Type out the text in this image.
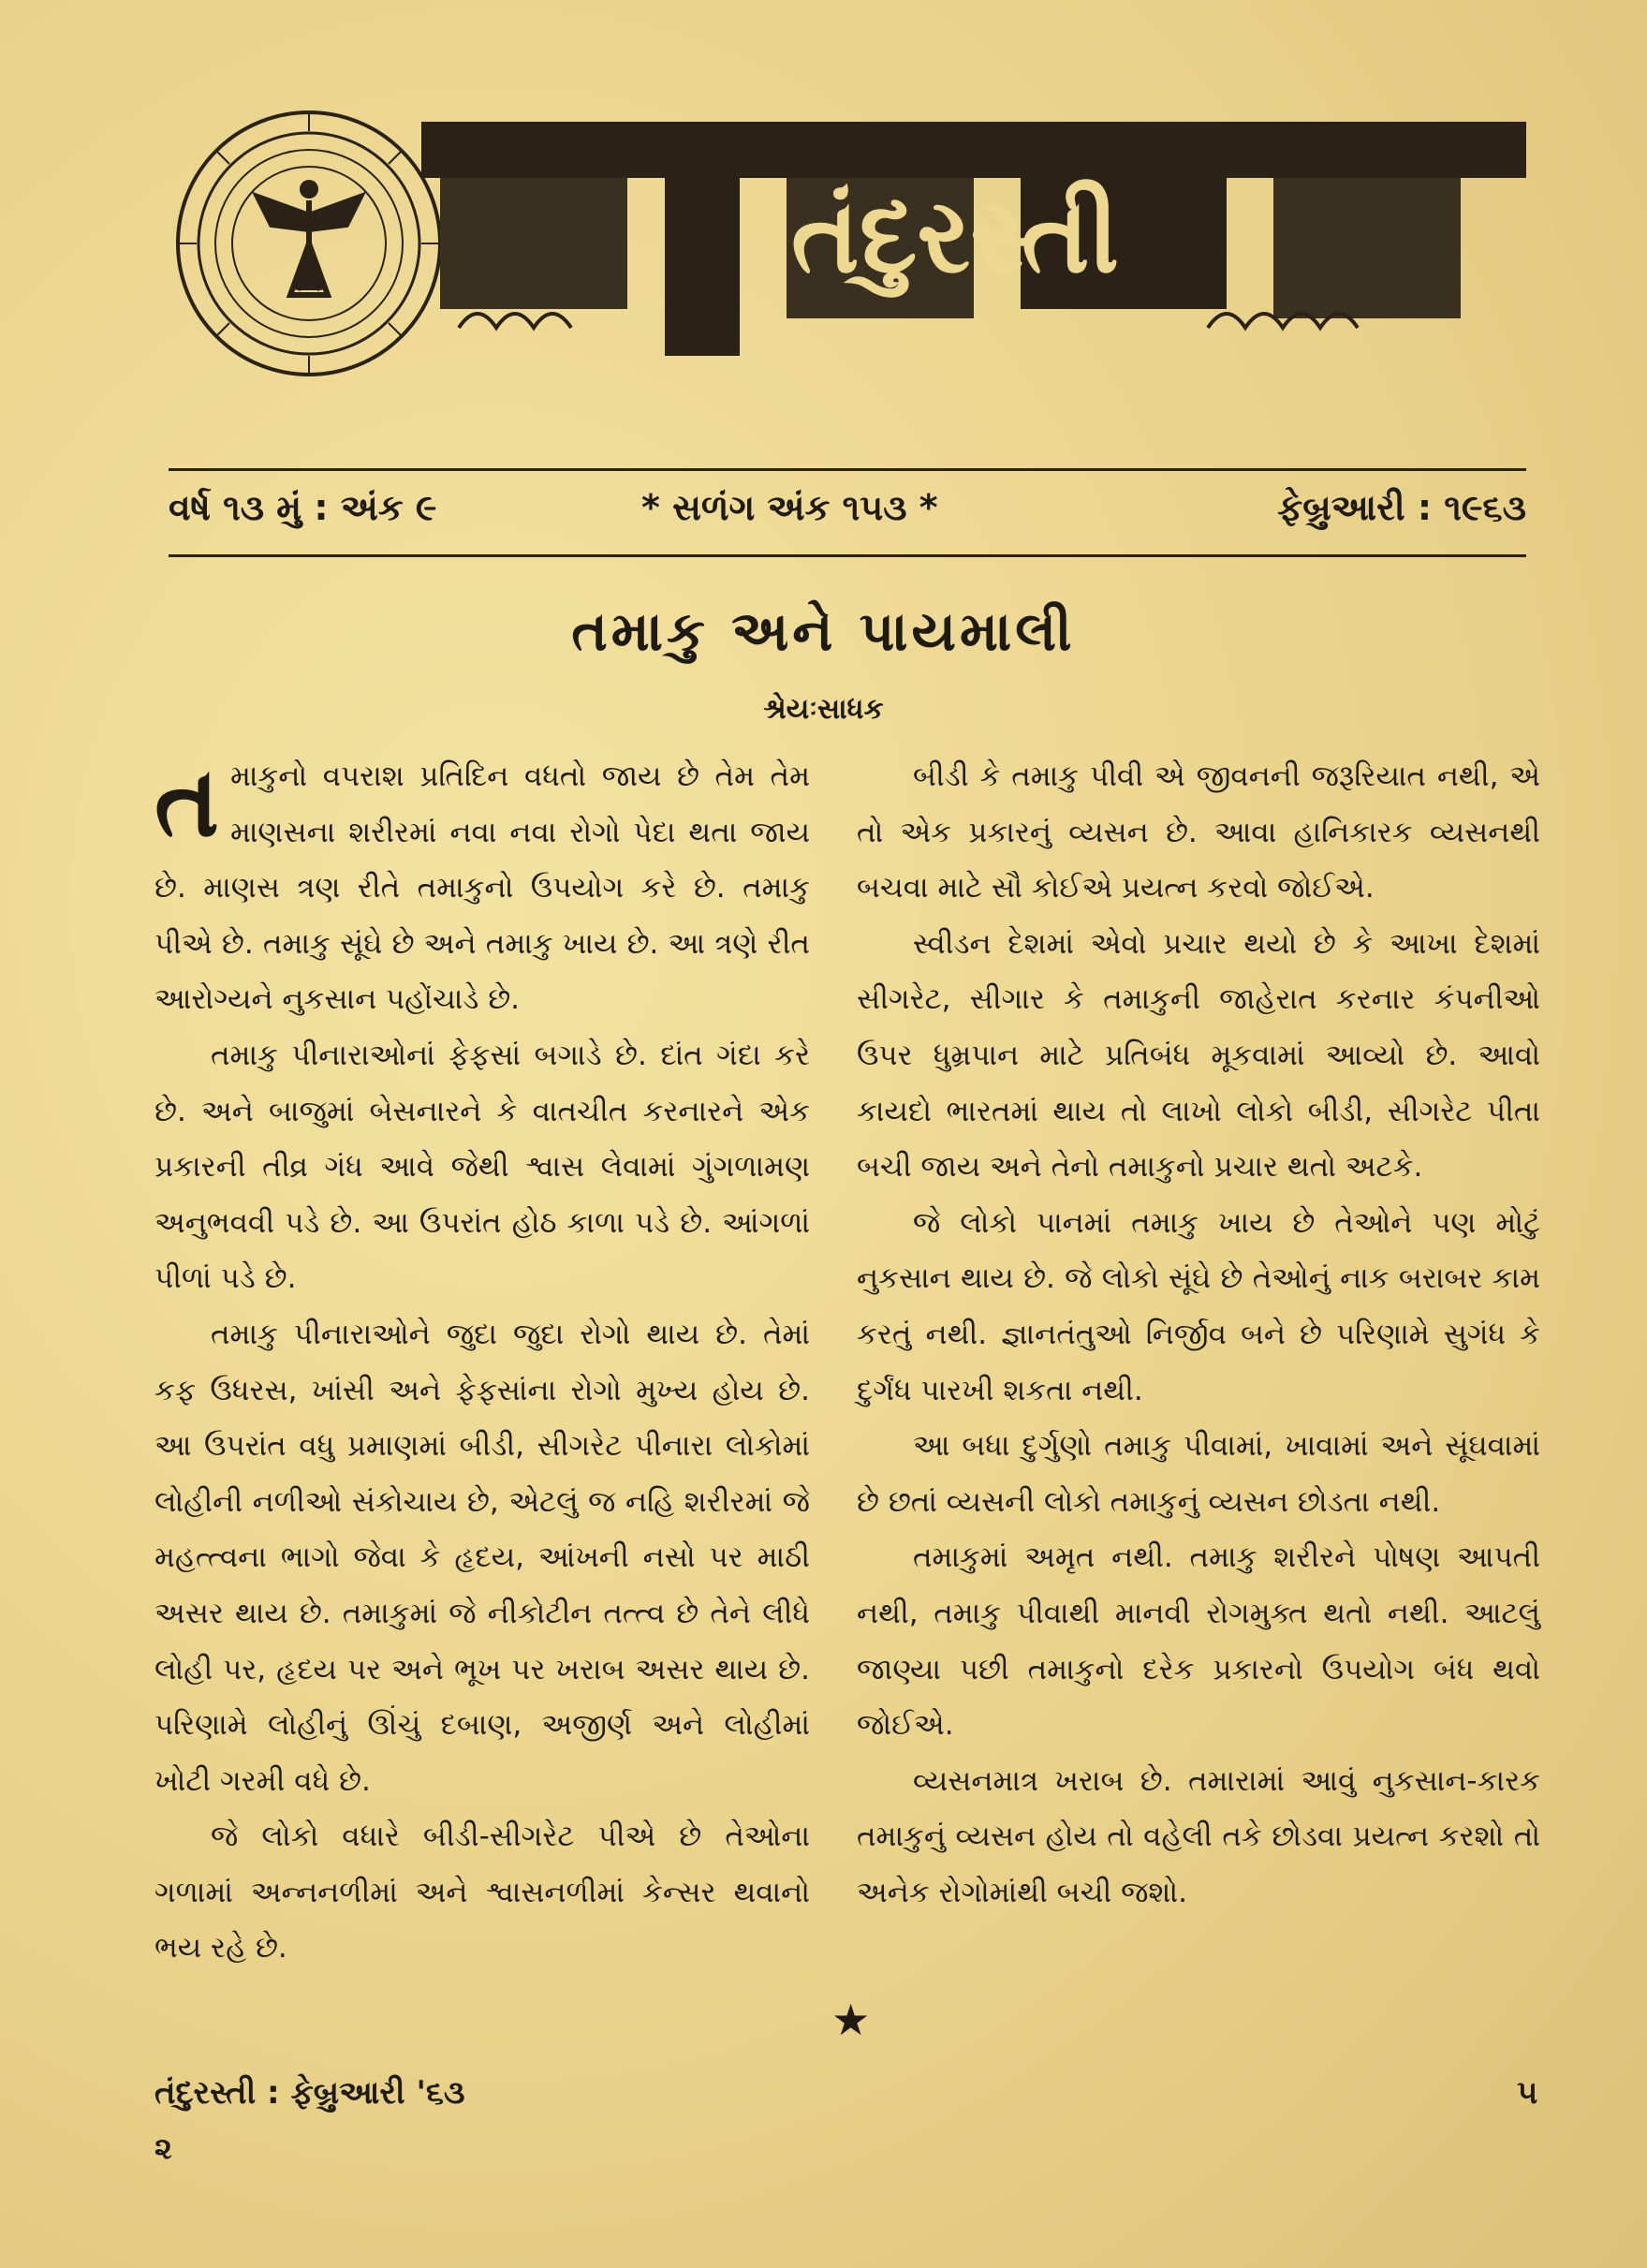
તંદુરસ્તી
વર્ષ ૧૩ મું : અંક ૯	* સળંગ અંક ૧૫૩ *	ફેબ્રુઆરી : ૧૯૬૩
તમાકુ અને પાયમાલી
શ્રેયઃસાધક

તમાકુનો વપરાશ પ્રતિદિન વધતો જાય છે તેમ તેમ માણસના શરીરમાં નવા નવા રોગો પેદા થતા જાય છે. માણસ ત્રણ રીતે તમાકુનો ઉપયોગ કરે છે. તમાકુ પીએ છે. તમાકુ સૂંઘે છે અને તમાકુ ખાય છે. આ ત્રણે રીત આરોગ્યને નુકસાન પહોંચાડે છે.

તમાકુ પીનારાઓનાં ફેફસાં બગાડે છે. દાંત ગંદા કરે છે. અને બાજુમાં બેસનારને કે વાતચીત કરનારને એક પ્રકારની તીવ્ર ગંધ આવે જેથી શ્વાસ લેવામાં ગુંગળામણ અનુભવવી પડે છે. આ ઉપરાંત હોઠ કાળા પડે છે. આંગળાં પીળાં પડે છે.

તમાકુ પીનારાઓને જુદા જુદા રોગો થાય છે. તેમાં કફ ઉધરસ, ખાંસી અને ફેફસાંના રોગો મુખ્ય હોય છે. આ ઉપરાંત વધુ પ્રમાણમાં બીડી, સીગરેટ પીનારા લોકોમાં લોહીની નળીઓ સંકોચાય છે, એટલું જ નહિ શરીરમાં જે મહત્ત્વના ભાગો જેવા કે હૃદય, આંખની નસો પર માઠી અસર થાય છે. તમાકુમાં જે નીકોટીન તત્ત્વ છે તેને લીધે લોહી પર, હૃદય પર અને ભૂખ પર ખરાબ અસર થાય છે. પરિણામે લોહીનું ઊંચું દબાણ, અજીર્ણ અને લોહીમાં ખોટી ગરમી વધે છે.

જે લોકો વધારે બીડી-સીગરેટ પીએ છે તેઓના ગળામાં અન્નનળીમાં અને શ્વાસનળીમાં કેન્સર થવાનો ભય રહે છે.

બીડી કે તમાકુ પીવી એ જીવનની જરૂરિયાત નથી, એ તો એક પ્રકારનું વ્યસન છે. આવા હાનિકારક વ્યસનથી બચવા માટે સૌ કોઈએ પ્રયત્ન કરવો જોઈએ.

સ્વીડન દેશમાં એવો પ્રચાર થયો છે કે આખા દેશમાં સીગરેટ, સીગાર કે તમાકુની જાહેરાત કરનાર કંપનીઓ ઉપર ધુમ્રપાન માટે પ્રતિબંધ મૂકવામાં આવ્યો છે. આવો કાયદો ભારતમાં થાય તો લાખો લોકો બીડી, સીગરેટ પીતા બચી જાય અને તેનો તમાકુનો પ્રચાર થતો અટકે.

જે લોકો પાનમાં તમાકુ ખાય છે તેઓને પણ મોટું નુકસાન થાય છે. જે લોકો સૂંઘે છે તેઓનું નાક બરાબર કામ કરતું નથી. જ્ઞાનતંતુઓ નિર્જીવ બને છે પરિણામે સુગંધ કે દુર્ગંધ પારખી શકતા નથી.

આ બધા દુર્ગુણો તમાકુ પીવામાં, ખાવામાં અને સૂંઘવામાં છે છતાં વ્યસની લોકો તમાકુનું વ્યસન છોડતા નથી.

તમાકુમાં અમૃત નથી. તમાકુ શરીરને પોષણ આપતી નથી, તમાકુ પીવાથી માનવી રોગમુક્ત થતો નથી. આટલું જાણ્યા પછી તમાકુનો દરેક પ્રકારનો ઉપયોગ બંધ થવો જોઈએ.

વ્યસનમાત્ર ખરાબ છે. તમારામાં આવું નુકસાન-કારક તમાકુનું વ્યસન હોય તો વહેલી તકે છોડવા પ્રયત્ન કરશો તો અનેક રોગોમાંથી બચી જશો.

★
તંદુરસ્તી : ફેબ્રુઆરી '૬૩
૨
૫
